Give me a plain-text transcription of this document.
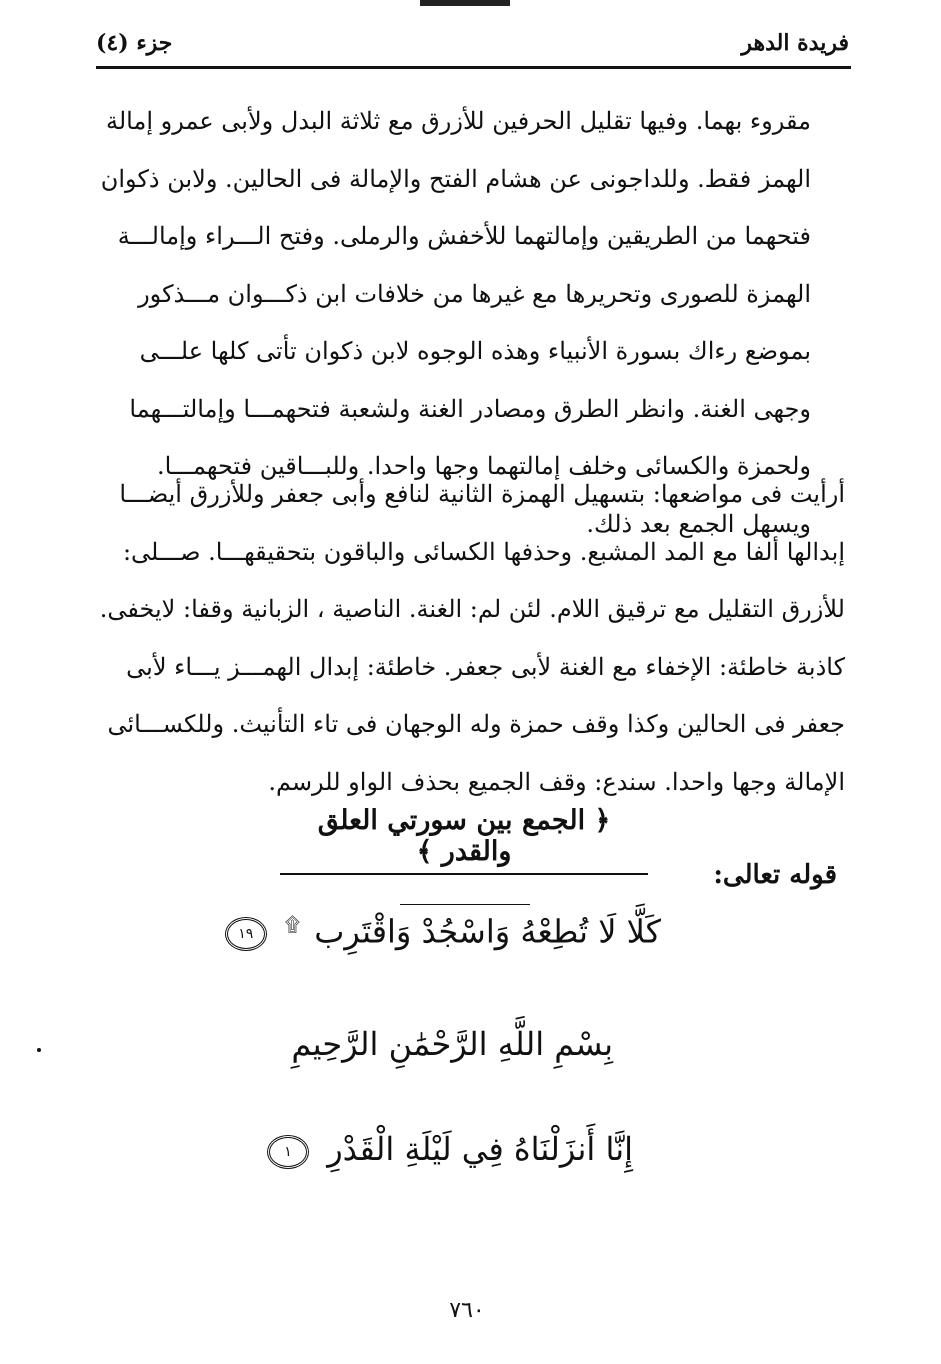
فريدة الدهر
جزء (٤)

مقروء بهما. وفيها تقليل الحرفين للأزرق مع ثلاثة البدل ولأبى عمرو إمالة

الهمز فقط. وللداجونى عن هشام الفتح والإمالة فى الحالين. ولابن ذكوان

فتحهما من الطريقين وإمالتهما للأخفش والرملى. وفتح الـــراء وإمالـــة

الهمزة للصورى وتحريرها مع غيرها من خلافات ابن ذكـــوان مـــذكور

بموضع رءاك بسورة الأنبياء وهذه الوجوه لابن ذكوان تأتى كلها علـــى

وجهى الغنة. وانظر الطرق ومصادر الغنة ولشعبة فتحهمـــا وإمالتـــهما

ولحمزة والكسائى وخلف إمالتهما وجها واحدا. وللبـــاقين فتحهمـــا.

ويسهل الجمع بعد ذلك.

أرأيت فى مواضعها: بتسهيل الهمزة الثانية لنافع وأبى جعفر وللأزرق أيضـــا

إبدالها ألفا مع المد المشبع. وحذفها الكسائى والباقون بتحقيقهـــا. صـــلى:

للأزرق التقليل مع ترقيق اللام. لئن لم: الغنة. الناصية ، الزبانية وقفا: لايخفى.

كاذبة خاطئة: الإخفاء مع الغنة لأبى جعفر. خاطئة: إبدال الهمـــز يـــاء لأبى

جعفر فى الحالين وكذا وقف حمزة وله الوجهان فى تاء التأنيث. وللكســـائى

الإمالة وجها واحدا. سندع: وقف الجميع بحذف الواو للرسم.

﴿ الجمع بين سورتي العلق والقدر ﴾
قوله تعالى:
كَلَّا لَا تُطِعْهُ وَاسْجُدْ وَاقْتَرِب ۩ ١٩
بِسْمِ اللَّهِ الرَّحْمَٰنِ الرَّحِيمِ
إِنَّا أَنزَلْنَاهُ فِي لَيْلَةِ الْقَدْرِ ١
٧٦٠
